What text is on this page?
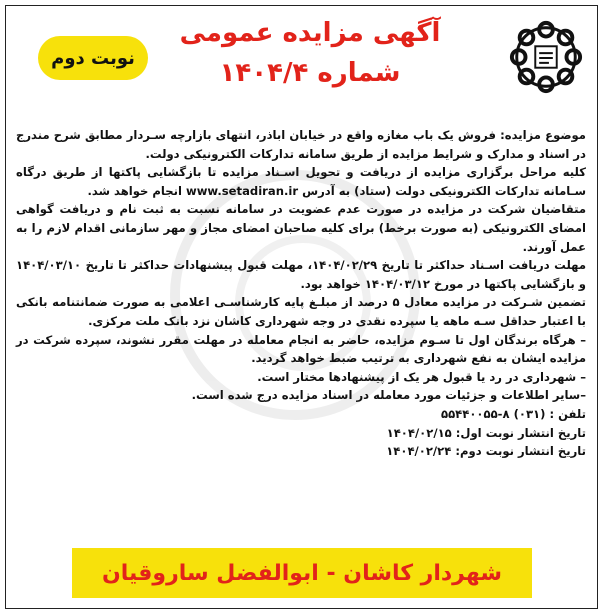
نوبت دوم
آگهی مزایده عمومی
شماره ۱۴۰۴/۴

موضوع مزایده: فروش یک باب مغازه واقع در خیابان اباذر، انتهای بازارچه سـردار مطابق شرح مندرج در اسناد و مدارک و شرایط مزایده از طریق سامانه تدارکات الکترونیکی دولت.

کلیه مراحل برگزاری مزایده از دریافت و تحویل اسـناد مزایده تا بازگشایی پاکتها از طریق درگاه سـامانه تدارکات الکترونیکی دولت (ستاد) به آدرس www.setadiran.ir انجام خواهد شد.

متقاضیان شرکت در مزایده در صورت عدم عضویت در سامانه نسبت به ثبت نام و دریافت گواهی امضای الکترونیکی (به صورت برخط) برای کلیه صاحبان امضای مجاز و مهر سازمانی اقدام لازم را به عمل آورند.

مهلت دریافت اسـناد حداکثر تا تاریخ ۱۴۰۴/۰۲/۲۹، مهلت قبول پیشنهادات حداکثر تا تاریخ ۱۴۰۴/۰۳/۱۰ و بازگشایی پاکتها در مورخ ۱۴۰۴/۰۳/۱۲ خواهد بود.

تضمین شـرکت در مزایده معادل ۵ درصد از مبلـغ پایه کارشناسـی اعلامی به صورت ضمانتنامه بانکی با اعتبار حداقل سـه ماهه یا سپرده نقدی در وجه شهرداری کاشان نزد بانک ملت مرکزی.

– هرگاه برندگان اول تا سـوم مزایده، حاضر به انجام معامله در مهلت مقرر نشوند، سپرده شرکت در مزایده ایشان به نفع شهرداری به ترتیب ضبط خواهد گردید.

– شهرداری در رد یا قبول هر یک از پیشنهادها مختار است.

–سایر اطلاعات و جزئیات مورد معامله در اسناد مزایده درج شده است.

تلفن : ۵۵۴۴۰۰۵۵-۸ (۰۳۱)

تاریخ انتشار نوبت اول: ۱۴۰۴/۰۲/۱۵

تاریخ انتشار نوبت دوم: ۱۴۰۴/۰۲/۲۴

شهردار کاشان - ابوالفضل ساروقیان
